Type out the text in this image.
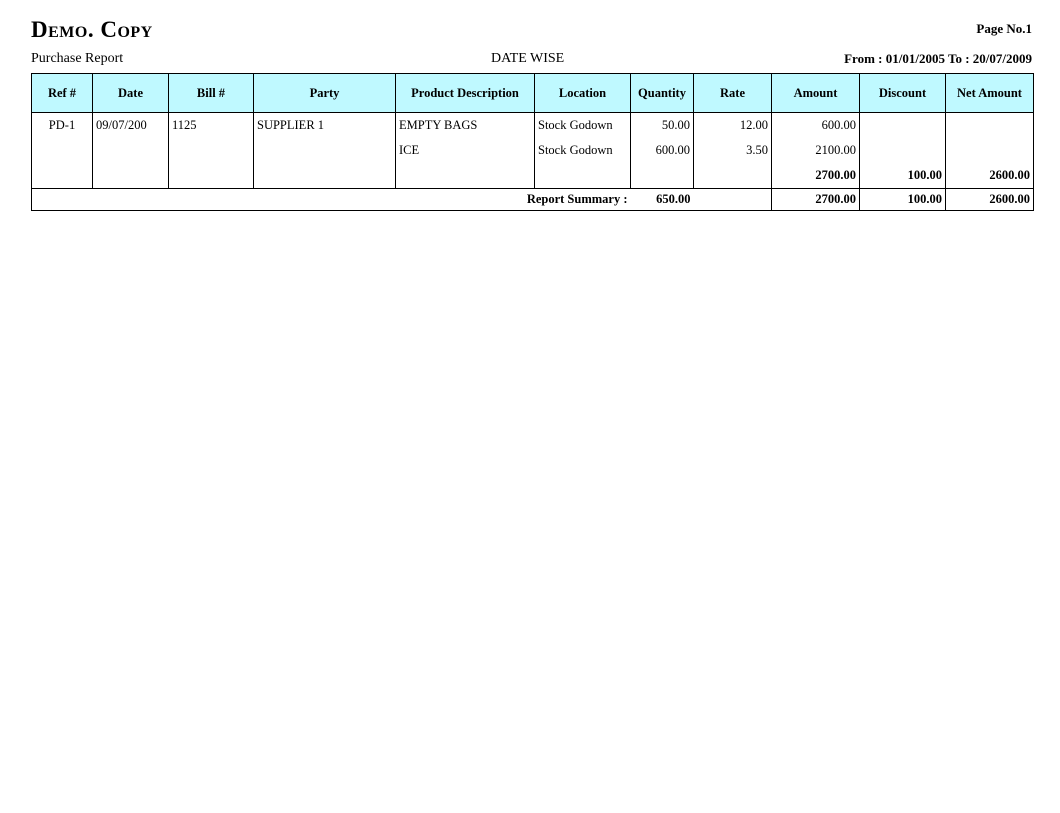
Demo. Copy	Page No.1
Purchase Report	DATE WISE	From : 01/01/2005 To : 20/07/2009
Ref #	Date	Bill #	Party	Product Description	Location	Quantity	Rate	Amount	Discount	Net Amount
PD-1	09/07/200	1125	SUPPLIER 1	EMPTY BAGS	Stock Godown	50.00	12.00	600.00		
				ICE	Stock Godown	600.00	3.50	2100.00		
								2700.00	100.00	2600.00
Report Summary :	650.00		2700.00	100.00	2600.00
